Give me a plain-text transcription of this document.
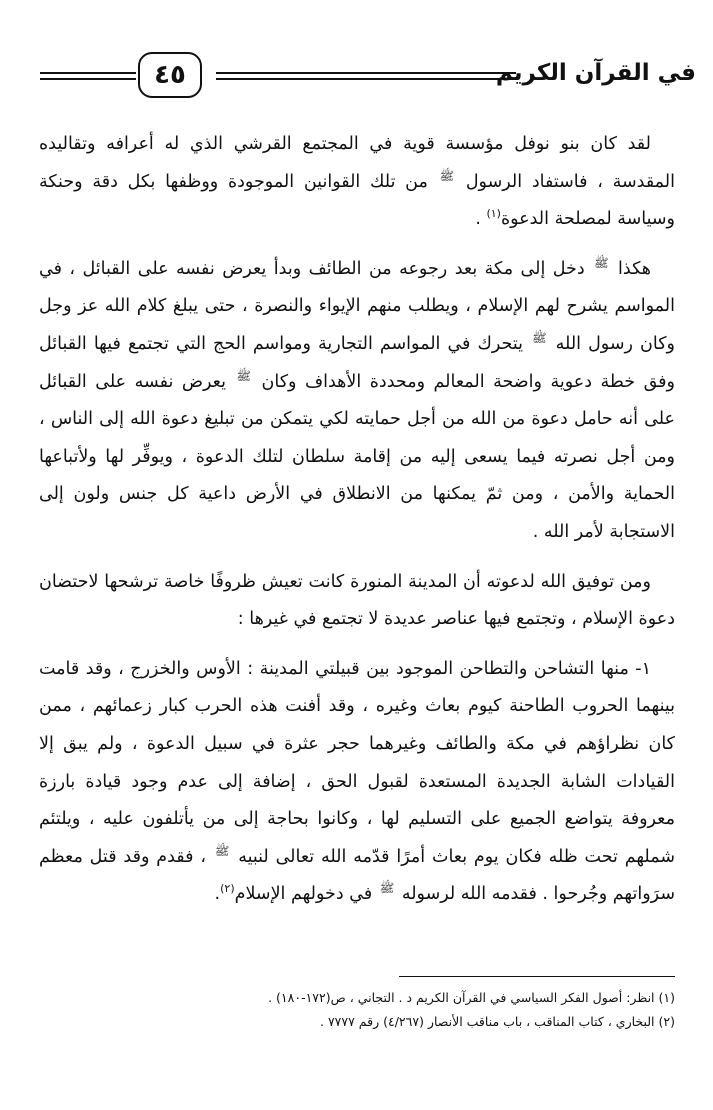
في القرآن الكريم
٤٥

لقد كان بنو نوفل مؤسسة قوية في المجتمع القرشي الذي له أعرافه وتقاليده المقدسة ، فاستفاد الرسول $^ﷺ$ من تلك القوانين الموجودة ووظفها بكل دقة وحنكة وسياسة لمصلحة الدعوة$^{(١)}$ .

هكذا $^ﷺ$ دخل إلى مكة بعد رجوعه من الطائف وبدأ يعرض نفسه على القبائل ، في المواسم يشرح لهم الإسلام ، ويطلب منهم الإيواء والنصرة ، حتى يبلغ كلام الله عز وجل وكان رسول الله $^ﷺ$ يتحرك في المواسم التجارية ومواسم الحج التي تجتمع فيها القبائل وفق خطة دعوية واضحة المعالم ومحددة الأهداف وكان $^ﷺ$ يعرض نفسه على القبائل على أنه حامل دعوة من الله من أجل حمايته لكي يتمكن من تبليغ دعوة الله إلى الناس ، ومن أجل نصرته فيما يسعى إليه من إقامة سلطان لتلك الدعوة ، ويوفِّر لها ولأتباعها الحماية والأمن ، ومن ثمّ يمكنها من الانطلاق في الأرض داعية كل جنس ولون إلى الاستجابة لأمر الله .

ومن توفيق الله لدعوته أن المدينة المنورة كانت تعيش ظروفًا خاصة ترشحها لاحتضان دعوة الإسلام ، وتجتمع فيها عناصر عديدة لا تجتمع في غيرها :

١- منها التشاحن والتطاحن الموجود بين قبيلتي المدينة : الأوس والخزرج ، وقد قامت بينهما الحروب الطاحنة كيوم بعاث وغيره ، وقد أفنت هذه الحرب كبار زعمائهم ، ممن كان نظراؤهم في مكة والطائف وغيرهما حجر عثرة في سبيل الدعوة ، ولم يبق إلا القيادات الشابة الجديدة المستعدة لقبول الحق ، إضافة إلى عدم وجود قيادة بارزة معروفة يتواضع الجميع على التسليم لها ، وكانوا بحاجة إلى من يأتلفون عليه ، ويلتئم شملهم تحت ظله فكان يوم بعاث أمرًا قدّمه الله تعالى لنبيه $^ﷺ$ ، فقدم وقد قتل معظم سرَواتهم وجُرحوا . فقدمه الله لرسوله $^ﷺ$ في دخولهم الإسلام$^{(٢)}$.

(١) انظر: أصول الفكر السياسي في القرآن الكريم د . التجاني ، ص(١٧٢-١٨٠) .

(٢) البخاري ، كتاب المناقب ، باب مناقب الأنصار (٤/٢٦٧) رقم ٧٧٧٧ .
